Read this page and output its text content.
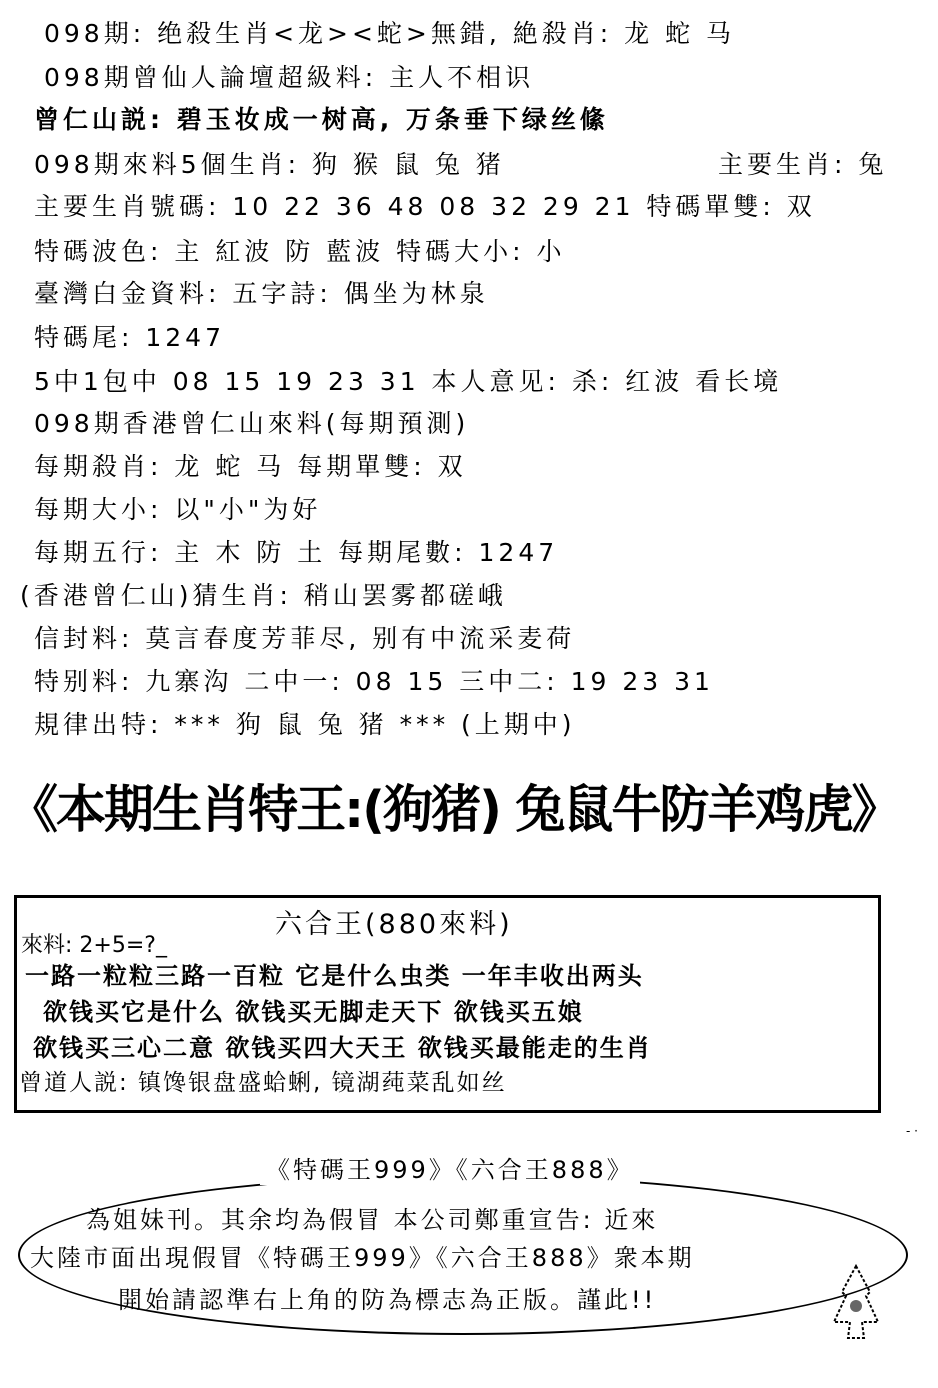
098期: 绝殺生肖<龙><蛇>無錯, 絶殺肖: 龙 蛇 马
098期曾仙人論壇超級料: 主人不相识
曾仁山説: 碧玉妆成一树高, 万条垂下绿丝絛
098期來料5個生肖: 狗 猴 鼠 兔 猪	主要生肖: 兔
主要生肖號碼: 10 22 36 48 08 32 29 21 特碼單雙: 双
特碼波色: 主 紅波 防 藍波 特碼大小: 小
臺灣白金資料: 五字詩: 偶坐为林泉
特碼尾: 1247
5中1包中 08 15 19 23 31 本人意见: 杀: 红波 看长境
098期香港曾仁山來料(每期預測)
每期殺肖: 龙 蛇 马 每期單雙: 双
每期大小: 以"小"为好
每期五行: 主 木 防 土 每期尾數: 1247
(香港曾仁山)猜生肖: 稍山罢雾都磋峨
信封料: 莫言春度芳菲尽, 别有中流采麦荷
特别料: 九寨沟 二中一: 08 15 三中二: 19 23 31
規律出特: *** 狗 鼠 兔 猪 *** (上期中)
《本期生肖特王:(狗猪) 兔鼠牛防羊鸡虎》
六合王(880來料)
來料: 2+5=?_
一路一粒粒三路一百粒 它是什么虫类 一年丰收出两头
欲钱买它是什么 欲钱买无脚走天下 欲钱买五娘
欲钱买三心二意 欲钱买四大天王 欲钱买最能走的生肖
曾道人説: 镇馋银盘盛蛤蜊, 镜湖莼菜乱如丝
- ·
《特碼王999》《六合王888》
為姐妹刊。其余均為假冒 本公司鄭重宣告: 近來
大陸市面出現假冒《特碼王999》《六合王888》衆本期
開始請認準右上角的防為標志為正版。謹此!!
